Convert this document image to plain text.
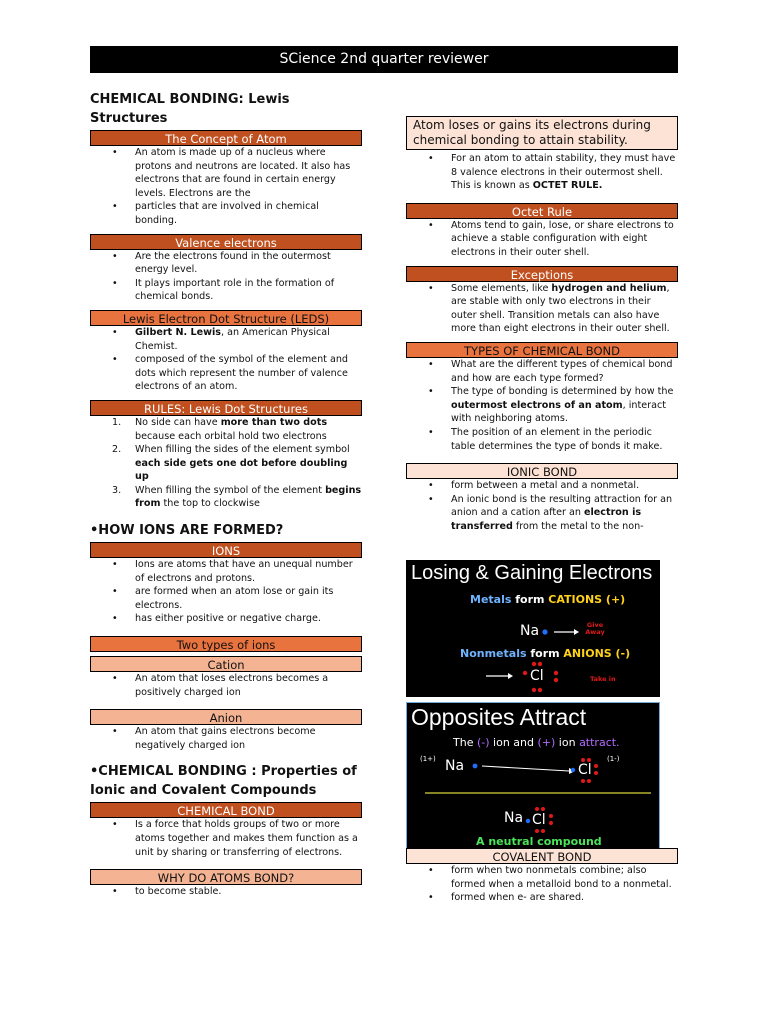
SCience 2nd quarter reviewer
CHEMICAL BONDING: Lewis Structures
The Concept of Atom
• An atom is made up of a nucleus where protons and neutrons are located. It also has electrons that are found in certain energy levels. Electrons are the
• particles that are involved in chemical bonding.
Valence electrons
• Are the electrons found in the outermost energy level.
• It plays important role in the formation of chemical bonds.
Lewis Electron Dot Structure (LEDS)
• Gilbert N. Lewis, an American Physical Chemist.
• composed of the symbol of the element and dots which represent the number of valence electrons of an atom.
RULES: Lewis Dot Structures
1. No side can have more than two dots because each orbital hold two electrons
2. When filling the sides of the element symbol each side gets one dot before doubling up
3. When filling the symbol of the element begins from the top to clockwise
•HOW IONS ARE FORMED?
IONS
• Ions are atoms that have an unequal number of electrons and protons.
• are formed when an atom lose or gain its electrons.
• has either positive or negative charge.
Two types of ions
Cation
• An atom that loses electrons becomes a positively charged ion
Anion
• An atom that gains electrons become negatively charged ion
•CHEMICAL BONDING : Properties of Ionic and Covalent Compounds
CHEMICAL BOND
• Is a force that holds groups of two or more atoms together and makes them function as a unit by sharing or transferring of electrons.
WHY DO ATOMS BOND?
• to become stable.
Atom loses or gains its electrons during chemical bonding to attain stability.
• For an atom to attain stability, they must have 8 valence electrons in their outermost shell. This is known as OCTET RULE.
Octet Rule
• Atoms tend to gain, lose, or share electrons to achieve a stable configuration with eight electrons in their outer shell.
Exceptions
• Some elements, like hydrogen and helium, are stable with only two electrons in their outer shell. Transition metals can also have more than eight electrons in their outer shell.
TYPES OF CHEMICAL BOND
• What are the different types of chemical bond and how are each type formed?
• The type of bonding is determined by how the outermost electrons of an atom, interact with neighboring atoms.
• The position of an element in the periodic table determines the type of bonds it make.
IONIC BOND
• form between a metal and a nonmetal.
• An ionic bond is the resulting attraction for an anion and a cation after an electron is transferred from the metal to the non-
Losing & Gaining Electrons
Metals form CATIONS (+)
Na	Give Away
Nonmetals form ANIONS (-)
Cl	Take in
Opposites Attract
The (-) ion and (+) ion attract.
(1+) Na	Cl
(1-)
Na Cl
A neutral compound
COVALENT BOND
• form when two nonmetals combine; also formed when a metalloid bond to a nonmetal.
• formed when e- are shared.
